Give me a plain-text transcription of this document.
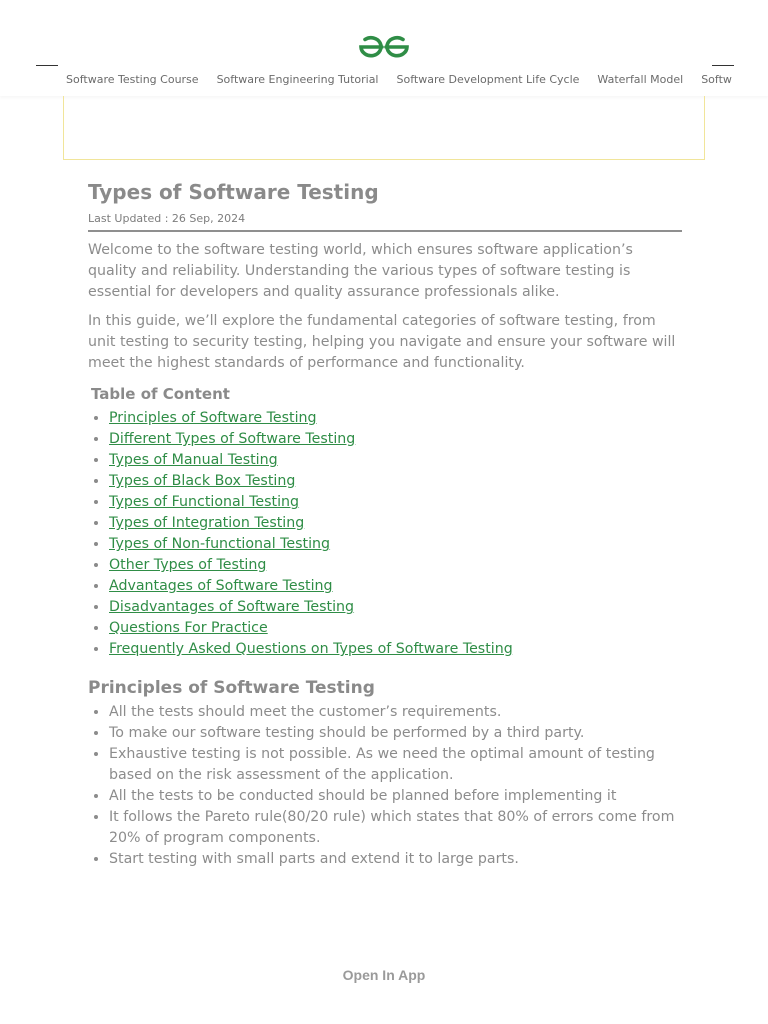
Software Testing Course Software Engineering Tutorial Software Development Life Cycle Waterfall Model Softw
Types of Software Testing
Last Updated : 26 Sep, 2024

Welcome to the software testing world, which ensures software application’s quality and reliability. Understanding the various types of software testing is essential for developers and quality assurance professionals alike.

In this guide, we’ll explore the fundamental categories of software testing, from unit testing to security testing, helping you navigate and ensure your software will meet the highest standards of performance and functionality.

Table of Content
• Principles of Software Testing
• Different Types of Software Testing
• Types of Manual Testing
• Types of Black Box Testing
• Types of Functional Testing
• Types of Integration Testing
• Types of Non-functional Testing
• Other Types of Testing
• Advantages of Software Testing
• Disadvantages of Software Testing
• Questions For Practice
• Frequently Asked Questions on Types of Software Testing
Principles of Software Testing
• All the tests should meet the customer’s requirements.
• To make our software testing should be performed by a third party.
• Exhaustive testing is not possible. As we need the optimal amount of testing based on the risk assessment of the application.
• All the tests to be conducted should be planned before implementing it
• It follows the Pareto rule(80/20 rule) which states that 80% of errors come from 20% of program components.
• Start testing with small parts and extend it to large parts.
Open In App
